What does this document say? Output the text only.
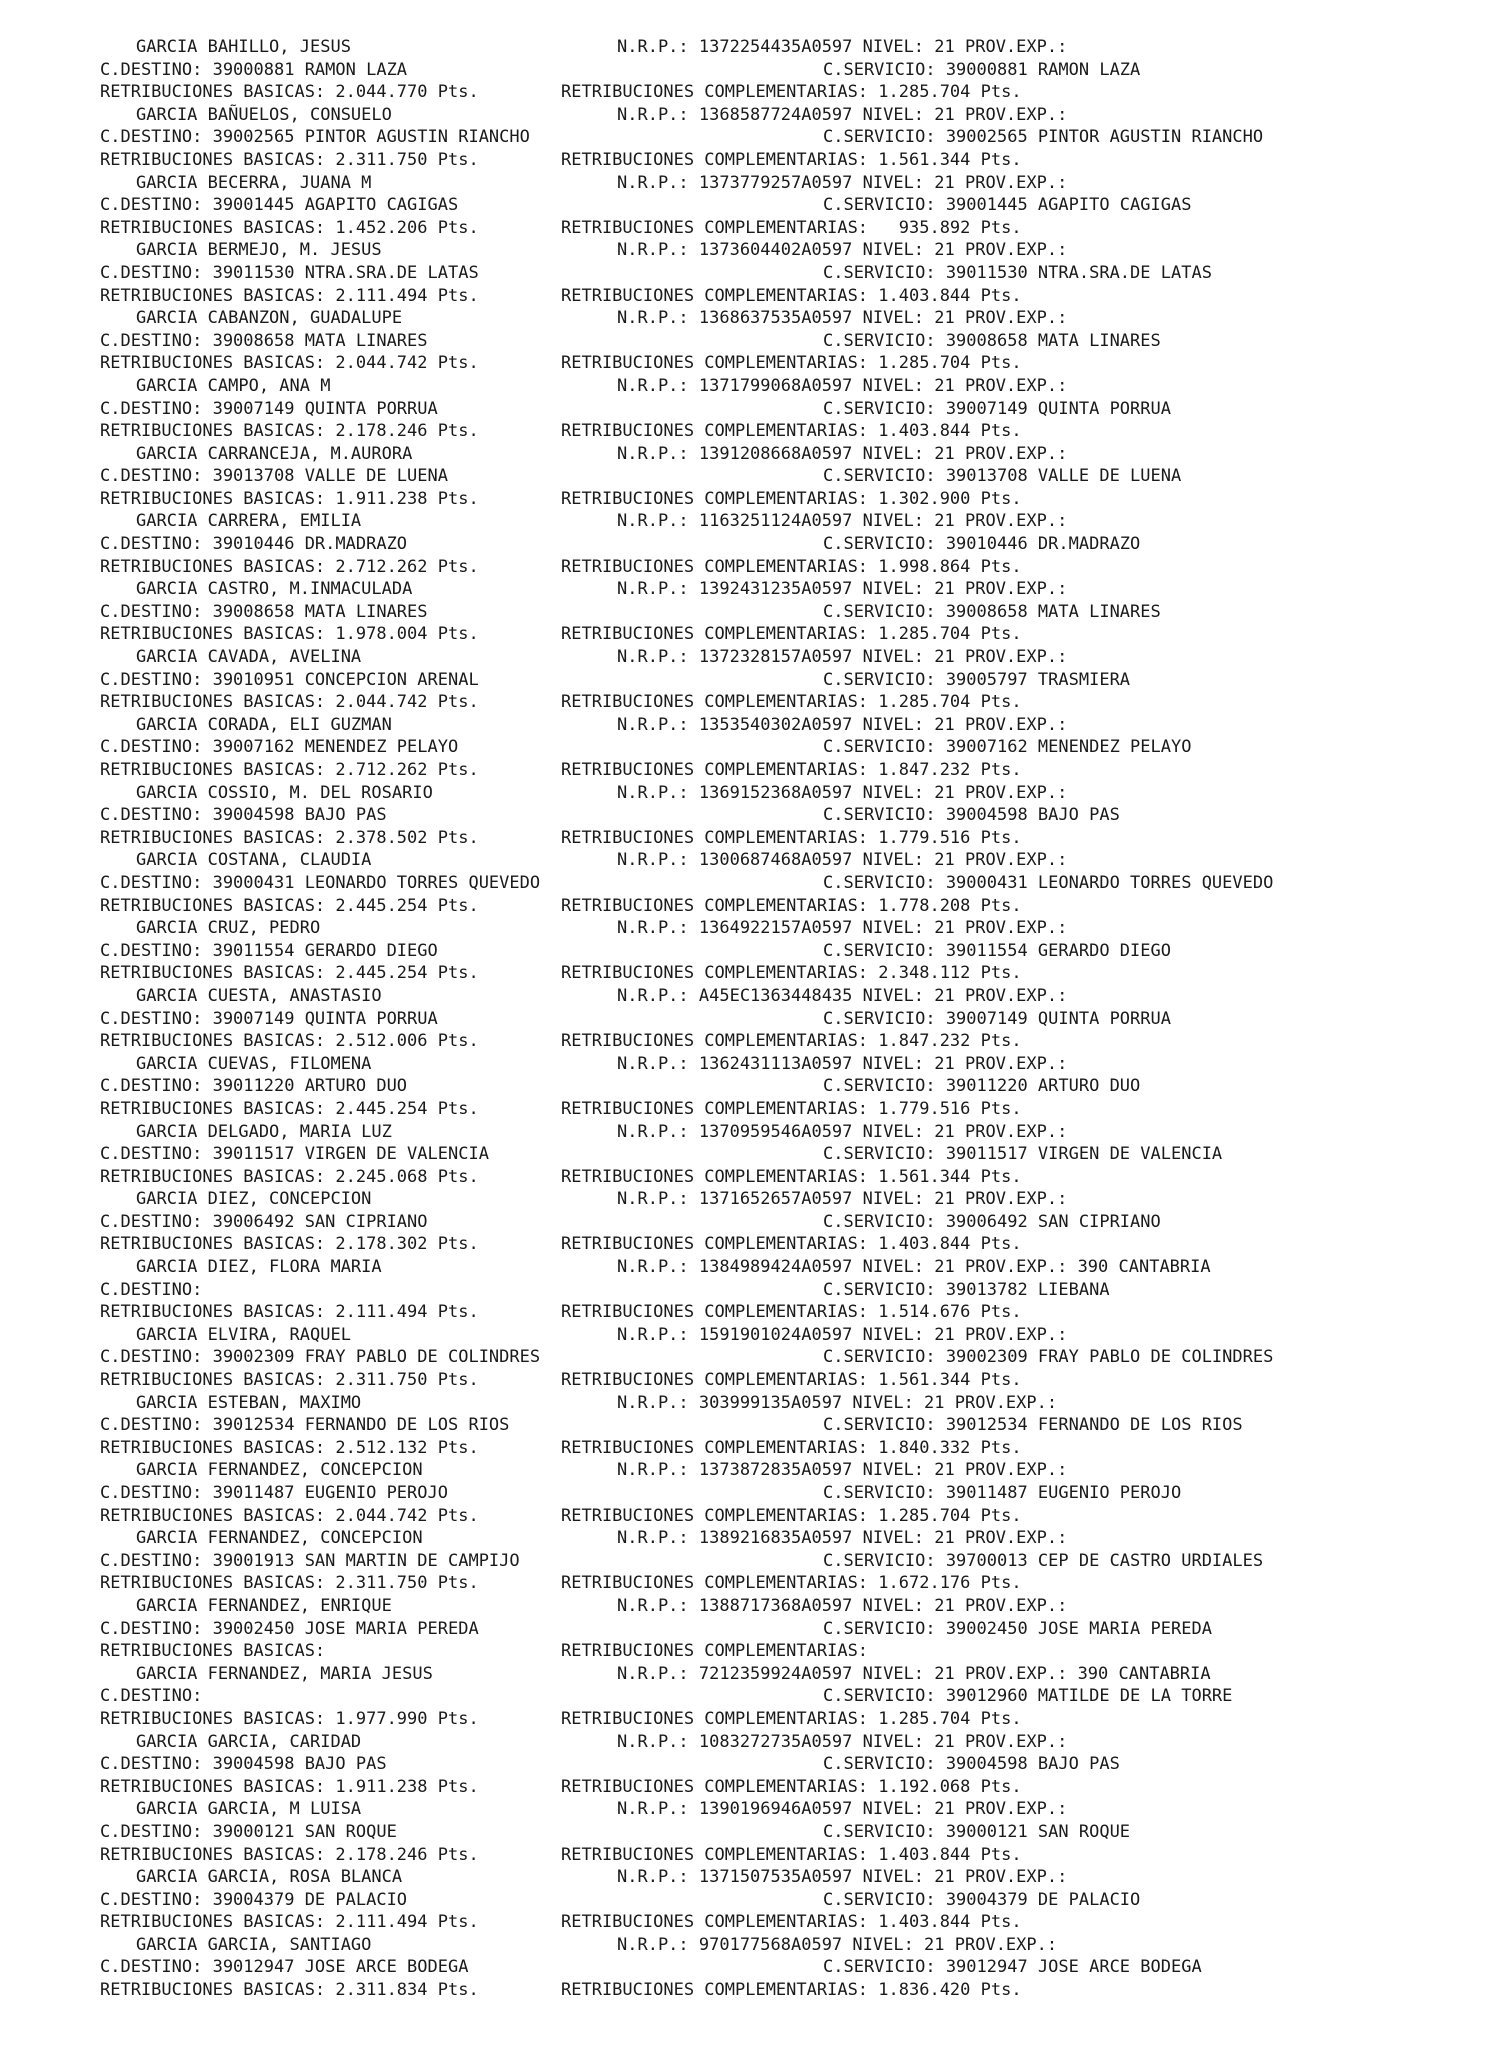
GARCIA BAHILLO, JESUS	N.R.P.: 1372254435A0597 NIVEL: 21 PROV.EXP.:
C.DESTINO: 39000881 RAMON LAZA	C.SERVICIO: 39000881 RAMON LAZA
RETRIBUCIONES BASICAS: 2.044.770 Pts.	RETRIBUCIONES COMPLEMENTARIAS: 1.285.704 Pts.
GARCIA BAÑUELOS, CONSUELO	N.R.P.: 1368587724A0597 NIVEL: 21 PROV.EXP.:
C.DESTINO: 39002565 PINTOR AGUSTIN RIANCHO	C.SERVICIO: 39002565 PINTOR AGUSTIN RIANCHO
RETRIBUCIONES BASICAS: 2.311.750 Pts.	RETRIBUCIONES COMPLEMENTARIAS: 1.561.344 Pts.
GARCIA BECERRA, JUANA M	N.R.P.: 1373779257A0597 NIVEL: 21 PROV.EXP.:
C.DESTINO: 39001445 AGAPITO CAGIGAS	C.SERVICIO: 39001445 AGAPITO CAGIGAS
RETRIBUCIONES BASICAS: 1.452.206 Pts.	RETRIBUCIONES COMPLEMENTARIAS:   935.892 Pts.
GARCIA BERMEJO, M. JESUS	N.R.P.: 1373604402A0597 NIVEL: 21 PROV.EXP.:
C.DESTINO: 39011530 NTRA.SRA.DE LATAS	C.SERVICIO: 39011530 NTRA.SRA.DE LATAS
RETRIBUCIONES BASICAS: 2.111.494 Pts.	RETRIBUCIONES COMPLEMENTARIAS: 1.403.844 Pts.
GARCIA CABANZON, GUADALUPE	N.R.P.: 1368637535A0597 NIVEL: 21 PROV.EXP.:
C.DESTINO: 39008658 MATA LINARES	C.SERVICIO: 39008658 MATA LINARES
RETRIBUCIONES BASICAS: 2.044.742 Pts.	RETRIBUCIONES COMPLEMENTARIAS: 1.285.704 Pts.
GARCIA CAMPO, ANA M	N.R.P.: 1371799068A0597 NIVEL: 21 PROV.EXP.:
C.DESTINO: 39007149 QUINTA PORRUA	C.SERVICIO: 39007149 QUINTA PORRUA
RETRIBUCIONES BASICAS: 2.178.246 Pts.	RETRIBUCIONES COMPLEMENTARIAS: 1.403.844 Pts.
GARCIA CARRANCEJA, M.AURORA	N.R.P.: 1391208668A0597 NIVEL: 21 PROV.EXP.:
C.DESTINO: 39013708 VALLE DE LUENA	C.SERVICIO: 39013708 VALLE DE LUENA
RETRIBUCIONES BASICAS: 1.911.238 Pts.	RETRIBUCIONES COMPLEMENTARIAS: 1.302.900 Pts.
GARCIA CARRERA, EMILIA	N.R.P.: 1163251124A0597 NIVEL: 21 PROV.EXP.:
C.DESTINO: 39010446 DR.MADRAZO	C.SERVICIO: 39010446 DR.MADRAZO
RETRIBUCIONES BASICAS: 2.712.262 Pts.	RETRIBUCIONES COMPLEMENTARIAS: 1.998.864 Pts.
GARCIA CASTRO, M.INMACULADA	N.R.P.: 1392431235A0597 NIVEL: 21 PROV.EXP.:
C.DESTINO: 39008658 MATA LINARES	C.SERVICIO: 39008658 MATA LINARES
RETRIBUCIONES BASICAS: 1.978.004 Pts.	RETRIBUCIONES COMPLEMENTARIAS: 1.285.704 Pts.
GARCIA CAVADA, AVELINA	N.R.P.: 1372328157A0597 NIVEL: 21 PROV.EXP.:
C.DESTINO: 39010951 CONCEPCION ARENAL	C.SERVICIO: 39005797 TRASMIERA
RETRIBUCIONES BASICAS: 2.044.742 Pts.	RETRIBUCIONES COMPLEMENTARIAS: 1.285.704 Pts.
GARCIA CORADA, ELI GUZMAN	N.R.P.: 1353540302A0597 NIVEL: 21 PROV.EXP.:
C.DESTINO: 39007162 MENENDEZ PELAYO	C.SERVICIO: 39007162 MENENDEZ PELAYO
RETRIBUCIONES BASICAS: 2.712.262 Pts.	RETRIBUCIONES COMPLEMENTARIAS: 1.847.232 Pts.
GARCIA COSSIO, M. DEL ROSARIO	N.R.P.: 1369152368A0597 NIVEL: 21 PROV.EXP.:
C.DESTINO: 39004598 BAJO PAS	C.SERVICIO: 39004598 BAJO PAS
RETRIBUCIONES BASICAS: 2.378.502 Pts.	RETRIBUCIONES COMPLEMENTARIAS: 1.779.516 Pts.
GARCIA COSTANA, CLAUDIA	N.R.P.: 1300687468A0597 NIVEL: 21 PROV.EXP.:
C.DESTINO: 39000431 LEONARDO TORRES QUEVEDO	C.SERVICIO: 39000431 LEONARDO TORRES QUEVEDO
RETRIBUCIONES BASICAS: 2.445.254 Pts.	RETRIBUCIONES COMPLEMENTARIAS: 1.778.208 Pts.
GARCIA CRUZ, PEDRO	N.R.P.: 1364922157A0597 NIVEL: 21 PROV.EXP.:
C.DESTINO: 39011554 GERARDO DIEGO	C.SERVICIO: 39011554 GERARDO DIEGO
RETRIBUCIONES BASICAS: 2.445.254 Pts.	RETRIBUCIONES COMPLEMENTARIAS: 2.348.112 Pts.
GARCIA CUESTA, ANASTASIO	N.R.P.: A45EC1363448435 NIVEL: 21 PROV.EXP.:
C.DESTINO: 39007149 QUINTA PORRUA	C.SERVICIO: 39007149 QUINTA PORRUA
RETRIBUCIONES BASICAS: 2.512.006 Pts.	RETRIBUCIONES COMPLEMENTARIAS: 1.847.232 Pts.
GARCIA CUEVAS, FILOMENA	N.R.P.: 1362431113A0597 NIVEL: 21 PROV.EXP.:
C.DESTINO: 39011220 ARTURO DUO	C.SERVICIO: 39011220 ARTURO DUO
RETRIBUCIONES BASICAS: 2.445.254 Pts.	RETRIBUCIONES COMPLEMENTARIAS: 1.779.516 Pts.
GARCIA DELGADO, MARIA LUZ	N.R.P.: 1370959546A0597 NIVEL: 21 PROV.EXP.:
C.DESTINO: 39011517 VIRGEN DE VALENCIA	C.SERVICIO: 39011517 VIRGEN DE VALENCIA
RETRIBUCIONES BASICAS: 2.245.068 Pts.	RETRIBUCIONES COMPLEMENTARIAS: 1.561.344 Pts.
GARCIA DIEZ, CONCEPCION	N.R.P.: 1371652657A0597 NIVEL: 21 PROV.EXP.:
C.DESTINO: 39006492 SAN CIPRIANO	C.SERVICIO: 39006492 SAN CIPRIANO
RETRIBUCIONES BASICAS: 2.178.302 Pts.	RETRIBUCIONES COMPLEMENTARIAS: 1.403.844 Pts.
GARCIA DIEZ, FLORA MARIA	N.R.P.: 1384989424A0597 NIVEL: 21 PROV.EXP.: 390 CANTABRIA
C.DESTINO:	C.SERVICIO: 39013782 LIEBANA
RETRIBUCIONES BASICAS: 2.111.494 Pts.	RETRIBUCIONES COMPLEMENTARIAS: 1.514.676 Pts.
GARCIA ELVIRA, RAQUEL	N.R.P.: 1591901024A0597 NIVEL: 21 PROV.EXP.:
C.DESTINO: 39002309 FRAY PABLO DE COLINDRES	C.SERVICIO: 39002309 FRAY PABLO DE COLINDRES
RETRIBUCIONES BASICAS: 2.311.750 Pts.	RETRIBUCIONES COMPLEMENTARIAS: 1.561.344 Pts.
GARCIA ESTEBAN, MAXIMO	N.R.P.: 303999135A0597 NIVEL: 21 PROV.EXP.:
C.DESTINO: 39012534 FERNANDO DE LOS RIOS	C.SERVICIO: 39012534 FERNANDO DE LOS RIOS
RETRIBUCIONES BASICAS: 2.512.132 Pts.	RETRIBUCIONES COMPLEMENTARIAS: 1.840.332 Pts.
GARCIA FERNANDEZ, CONCEPCION	N.R.P.: 1373872835A0597 NIVEL: 21 PROV.EXP.:
C.DESTINO: 39011487 EUGENIO PEROJO	C.SERVICIO: 39011487 EUGENIO PEROJO
RETRIBUCIONES BASICAS: 2.044.742 Pts.	RETRIBUCIONES COMPLEMENTARIAS: 1.285.704 Pts.
GARCIA FERNANDEZ, CONCEPCION	N.R.P.: 1389216835A0597 NIVEL: 21 PROV.EXP.:
C.DESTINO: 39001913 SAN MARTIN DE CAMPIJO	C.SERVICIO: 39700013 CEP DE CASTRO URDIALES
RETRIBUCIONES BASICAS: 2.311.750 Pts.	RETRIBUCIONES COMPLEMENTARIAS: 1.672.176 Pts.
GARCIA FERNANDEZ, ENRIQUE	N.R.P.: 1388717368A0597 NIVEL: 21 PROV.EXP.:
C.DESTINO: 39002450 JOSE MARIA PEREDA	C.SERVICIO: 39002450 JOSE MARIA PEREDA
RETRIBUCIONES BASICAS:	RETRIBUCIONES COMPLEMENTARIAS:
GARCIA FERNANDEZ, MARIA JESUS	N.R.P.: 7212359924A0597 NIVEL: 21 PROV.EXP.: 390 CANTABRIA
C.DESTINO:	C.SERVICIO: 39012960 MATILDE DE LA TORRE
RETRIBUCIONES BASICAS: 1.977.990 Pts.	RETRIBUCIONES COMPLEMENTARIAS: 1.285.704 Pts.
GARCIA GARCIA, CARIDAD	N.R.P.: 1083272735A0597 NIVEL: 21 PROV.EXP.:
C.DESTINO: 39004598 BAJO PAS	C.SERVICIO: 39004598 BAJO PAS
RETRIBUCIONES BASICAS: 1.911.238 Pts.	RETRIBUCIONES COMPLEMENTARIAS: 1.192.068 Pts.
GARCIA GARCIA, M LUISA	N.R.P.: 1390196946A0597 NIVEL: 21 PROV.EXP.:
C.DESTINO: 39000121 SAN ROQUE	C.SERVICIO: 39000121 SAN ROQUE
RETRIBUCIONES BASICAS: 2.178.246 Pts.	RETRIBUCIONES COMPLEMENTARIAS: 1.403.844 Pts.
GARCIA GARCIA, ROSA BLANCA	N.R.P.: 1371507535A0597 NIVEL: 21 PROV.EXP.:
C.DESTINO: 39004379 DE PALACIO	C.SERVICIO: 39004379 DE PALACIO
RETRIBUCIONES BASICAS: 2.111.494 Pts.	RETRIBUCIONES COMPLEMENTARIAS: 1.403.844 Pts.
GARCIA GARCIA, SANTIAGO	N.R.P.: 970177568A0597 NIVEL: 21 PROV.EXP.:
C.DESTINO: 39012947 JOSE ARCE BODEGA	C.SERVICIO: 39012947 JOSE ARCE BODEGA
RETRIBUCIONES BASICAS: 2.311.834 Pts.	RETRIBUCIONES COMPLEMENTARIAS: 1.836.420 Pts.
